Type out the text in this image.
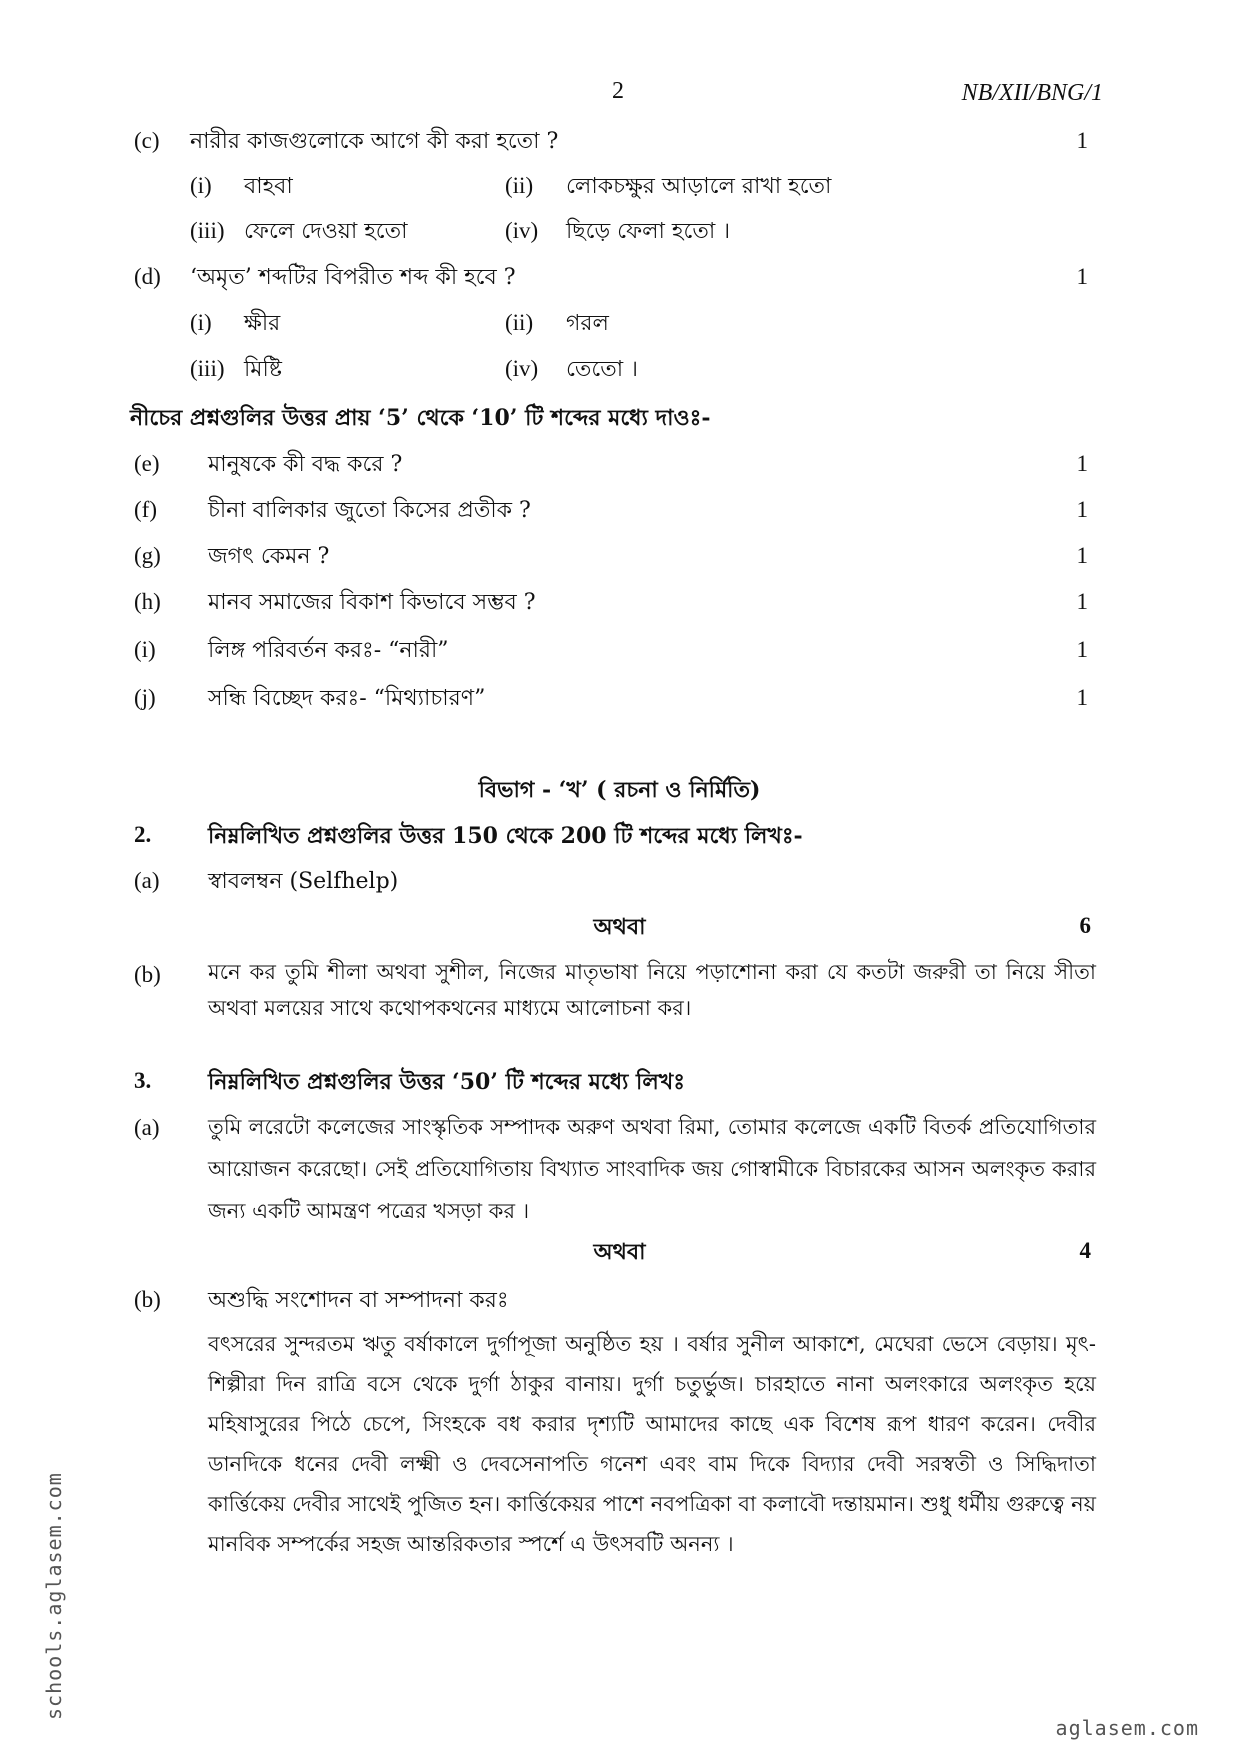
2	NB/XII/BNG/1
(c) নারীর কাজগুলোকে আগে কী করা হতো ?	1
(i) বাহবা	(ii) লোকচক্ষুর আড়ালে রাখা হতো
(iii) ফেলে দেওয়া হতো	(iv) ছিড়ে ফেলা হতো ।
(d) ‘অমৃত’ শব্দটির বিপরীত শব্দ কী হবে ?	1
(i) ক্ষীর	(ii) গরল
(iii) মিষ্টি	(iv) তেতো ।
নীচের প্রশ্নগুলির উত্তর প্রায় ‘5’ থেকে ‘10’ টি শব্দের মধ্যে দাওঃ-
(e) মানুষকে কী বদ্ধ করে ?	1
(f) চীনা বালিকার জুতো কিসের প্রতীক ?	1
(g) জগৎ কেমন ?	1
(h) মানব সমাজের বিকাশ কিভাবে সম্ভব ?	1
(i) লিঙ্গ পরিবর্তন করঃ- “নারী”	1
(j) সন্ধি বিচ্ছেদ করঃ- “মিথ্যাচারণ”	1
বিভাগ - ‘খ’ ( রচনা ও নির্মিতি)
2.	নিম্নলিখিত প্রশ্নগুলির উত্তর 150 থেকে 200 টি শব্দের মধ্যে লিখঃ-
(a) স্বাবলম্বন (Selfhelp)
অথবা	6
(b) মনে কর তুমি শীলা অথবা সুশীল, নিজের মাতৃভাষা নিয়ে পড়াশোনা করা যে কতটা জরুরী তা নিয়ে সীতা অথবা মলয়ের সাথে কথোপকথনের মাধ্যমে আলোচনা কর।
3.	নিম্নলিখিত প্রশ্নগুলির উত্তর ‘50’ টি শব্দের মধ্যে লিখঃ
(a) তুমি লরেটো কলেজের সাংস্কৃতিক সম্পাদক অরুণ অথবা রিমা, তোমার কলেজে একটি বিতর্ক প্রতিযোগিতার আয়োজন করেছো। সেই প্রতিযোগিতায় বিখ্যাত সাংবাদিক জয় গোস্বামীকে বিচারকের আসন অলংকৃত করার জন্য একটি আমন্ত্রণ পত্রের খসড়া কর ।
অথবা	4
(b) অশুদ্ধি সংশোদন বা সম্পাদনা করঃ
বৎসরের সুন্দরতম ঋতু বর্ষাকালে দুর্গাপূজা অনুষ্ঠিত হয় । বর্ষার সুনীল আকাশে, মেঘেরা ভেসে বেড়ায়। মৃৎ-শিল্পীরা দিন রাত্রি বসে থেকে দুর্গা ঠাকুর বানায়। দুর্গা চতুর্ভুজ। চারহাতে নানা অলংকারে অলংকৃত হয়ে মহিষাসুরের পিঠে চেপে, সিংহকে বধ করার দৃশ্যটি আমাদের কাছে এক বিশেষ রূপ ধারণ করেন। দেবীর ডানদিকে ধনের দেবী লক্ষ্মী ও দেবসেনাপতি গনেশ এবং বাম দিকে বিদ্যার দেবী সরস্বতী ও সিদ্ধিদাতা কার্ত্তিকেয় দেবীর সাথেই পুজিত হন। কার্ত্তিকেয়র পাশে নবপত্রিকা বা কলাবৌ দন্তায়মান। শুধু ধর্মীয় গুরুত্বে নয় মানবিক সম্পর্কের সহজ আন্তরিকতার স্পর্শে এ উৎসবটি অনন্য ।
schools.aglasem.com
aglasem.com
